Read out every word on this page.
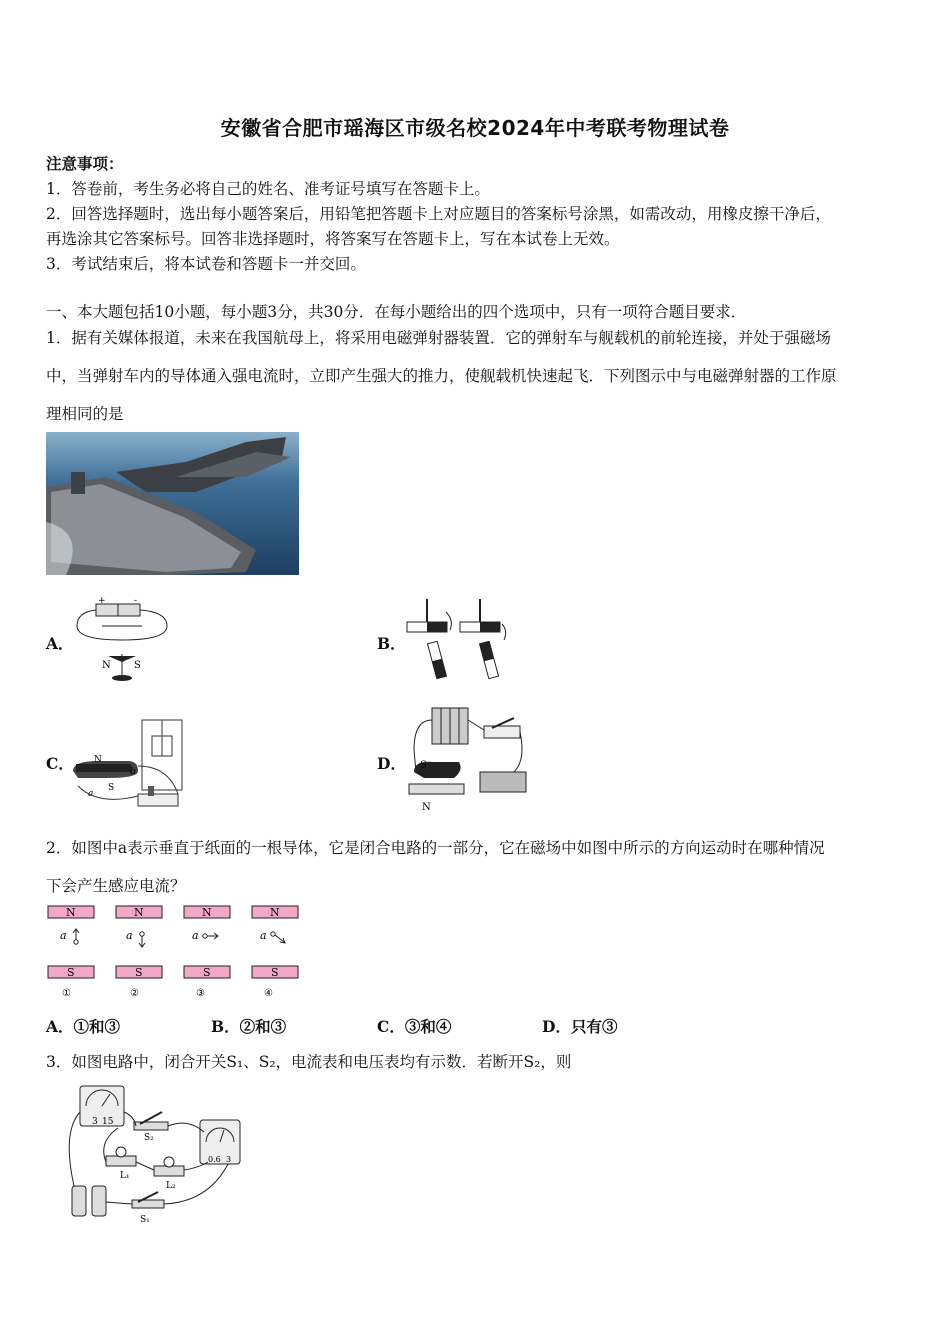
安徽省合肥市瑶海区市级名校2024年中考联考物理试卷
注意事项：
1．答卷前，考生务必将自己的姓名、准考证号填写在答题卡上。
2．回答选择题时，选出每小题答案后，用铅笔把答题卡上对应题目的答案标号涂黑，如需改动，用橡皮擦干净后，
再选涂其它答案标号。回答非选择题时，将答案写在答题卡上，写在本试卷上无效。
3．考试结束后，将本试卷和答题卡一并交回。
一、本大题包括10小题，每小题3分，共30分．在每小题给出的四个选项中，只有一项符合题目要求．
1．据有关媒体报道，未来在我国航母上，将采用电磁弹射器装置．它的弹射车与舰载机的前轮连接，并处于强磁场
中，当弹射车内的导体通入强电流时，立即产生强大的推力，使舰载机快速起飞．下列图示中与电磁弹射器的工作原
理相同的是
A．
+	-
N S
B．
C． N
S
a
b	D． S
N
2．如图中a表示垂直于纸面的一根导体，它是闭合电路的一部分，它在磁场中如图中所示的方向运动时在哪种情况
下会产生感应电流？
N
S
a
①
N
S
a
②
N
S
a
③
N
S
a
④
A．①和③	B．②和③	C．③和④	D．只有③
3．如图电路中，闭合开关S₁、S₂，电流表和电压表均有示数．若断开S₂，则
3 15
0.6 3
S₂
L₁
L₂
S₁
